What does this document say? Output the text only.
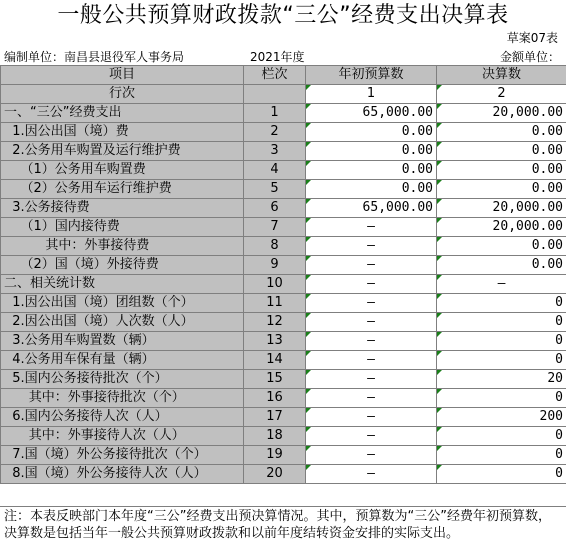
一般公共预算财政拨款“三公”经费支出决算表
草案07表
编制单位：南昌县退役军人事务局	2021年度	金额单位：
项目	栏次	年初预算数	决算数
行次		1	2
一、“三公”经费支出	1	65,000.00	20,000.00
1.因公出国（境）费	2	0.00	0.00
2.公务用车购置及运行维护费	3	0.00	0.00
（1）公务用车购置费	4	0.00	0.00
（2）公务用车运行维护费	5	0.00	0.00
3.公务接待费	6	65,000.00	20,000.00
（1）国内接待费	7	–	20,000.00
其中：外事接待费	8	–	0.00
（2）国（境）外接待费	9	–	0.00
二、相关统计数	10	–	–
1.因公出国（境）团组数（个）	11	–	0
2.因公出国（境）人次数（人）	12	–	0
3.公务用车购置数（辆）	13	–	0
4.公务用车保有量（辆）	14	–	0
5.国内公务接待批次（个）	15	–	20
其中：外事接待批次（个）	16	–	0
6.国内公务接待人次（人）	17	–	200
其中：外事接待人次（人）	18	–	0
7.国（境）外公务接待批次（个）	19	–	0
8.国（境）外公务接待人次（人）	20	–	0
注：本表反映部门本年度“三公”经费支出预决算情况。其中，预算数为“三公”经费年初预算数，决算数是包括当年一般公共预算财政拨款和以前年度结转资金安排的实际支出。
